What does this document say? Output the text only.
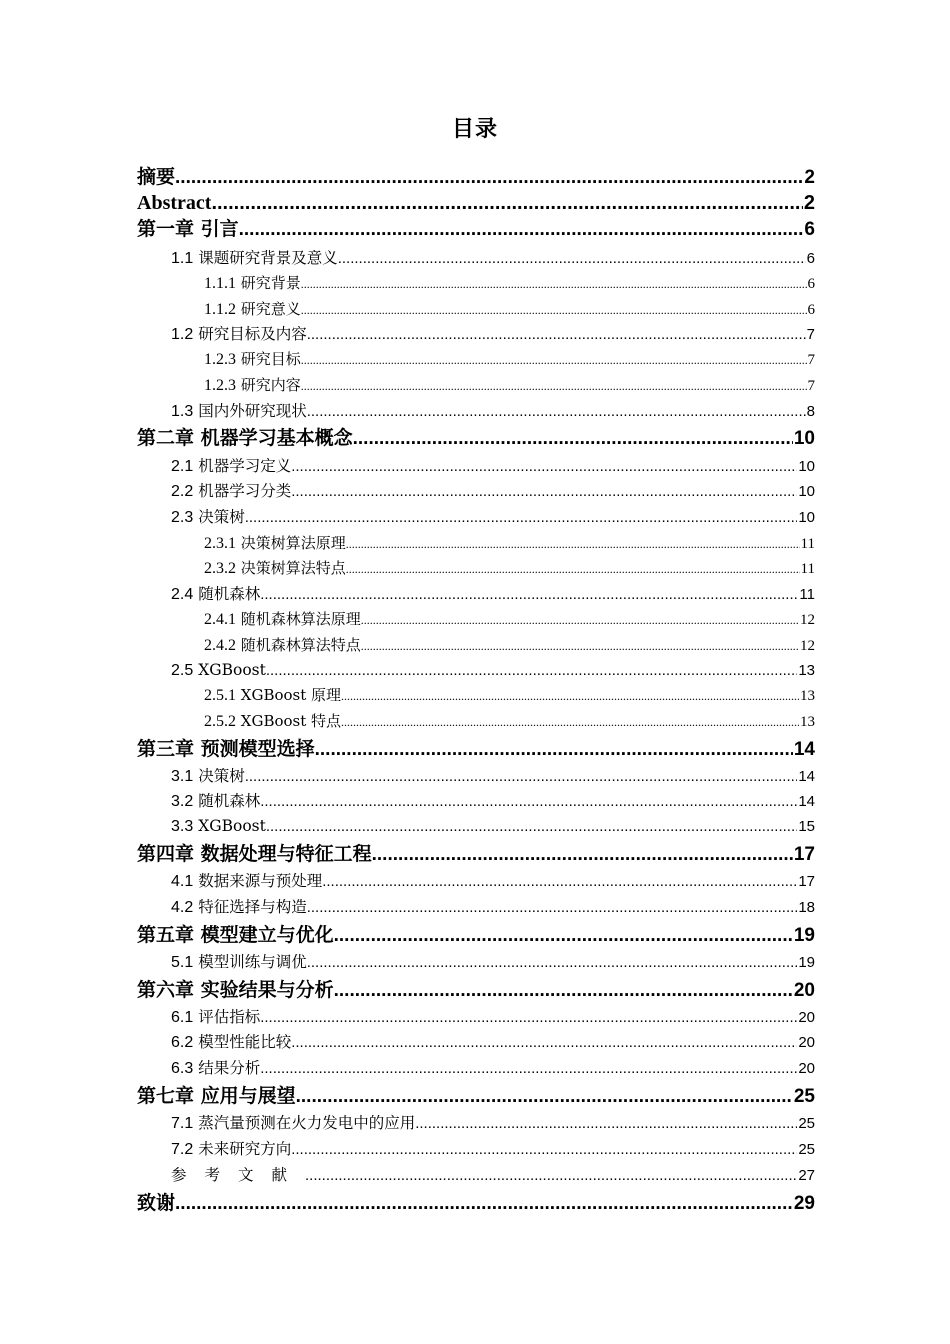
目录
摘要 .....	2
Abstract .....	2
第一章 引言 .....	6
1.1 课题研究背景及意义 .....	6
1.1.1 研究背景 .....	6
1.1.2 研究意义 .....	6
1.2 研究目标及内容 .....	7
1.2.3 研究目标 .....	7
1.2.3 研究内容 .....	7
1.3 国内外研究现状 .....	8
第二章 机器学习基本概念 .....	10
2.1 机器学习定义 .....	10
2.2 机器学习分类 .....	10
2.3 决策树 .....	10
2.3.1 决策树算法原理 .....	11
2.3.2 决策树算法特点 .....	11
2.4 随机森林 .....	11
2.4.1 随机森林算法原理 .....	12
2.4.2 随机森林算法特点 .....	12
2.5 XGBoost .....	13
2.5.1 XGBoost 原理 .....	13
2.5.2 XGBoost 特点 .....	13
第三章 预测模型选择 .....	14
3.1 决策树 .....	14
3.2 随机森林 .....	14
3.3 XGBoost .....	15
第四章 数据处理与特征工程 .....	17
4.1 数据来源与预处理 .....	17
4.2 特征选择与构造 .....	18
第五章 模型建立与优化 .....	19
5.1 模型训练与调优 .....	19
第六章 实验结果与分析 .....	20
6.1 评估指标 .....	20
6.2 模型性能比较 .....	20
6.3 结果分析 .....	20
第七章 应用与展望 .....	25
7.1 蒸汽量预测在火力发电中的应用 .....	25
7.2 未来研究方向 .....	25
参考文献 .....	27
致谢 .....	29
